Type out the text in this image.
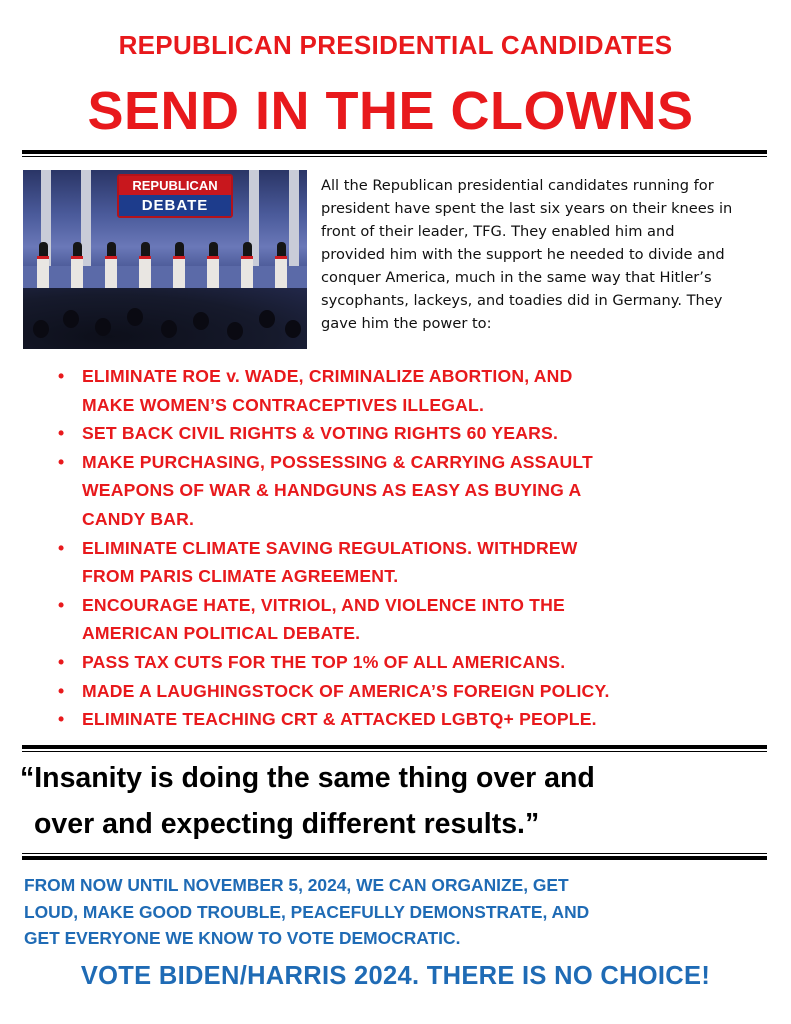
REPUBLICAN PRESIDENTIAL CANDIDATES
SEND IN THE CLOWNS
REPUBLICAN
DEBATE
All the Republican presidential candidates running for
president have spent the last six years on their knees in
front of their leader, TFG. They enabled him and
provided him with the support he needed to divide and
conquer America, much in the same way that Hitler’s
sycophants, lackeys, and toadies did in Germany. They
gave him the power to:
• ELIMINATE ROE v. WADE, CRIMINALIZE ABORTION, AND
MAKE WOMEN’S CONTRACEPTIVES ILLEGAL.
• SET BACK CIVIL RIGHTS & VOTING RIGHTS 60 YEARS.
• MAKE PURCHASING, POSSESSING & CARRYING ASSAULT
WEAPONS OF WAR & HANDGUNS AS EASY AS BUYING A
CANDY BAR.
• ELIMINATE CLIMATE SAVING REGULATIONS. WITHDREW
FROM PARIS CLIMATE AGREEMENT.
• ENCOURAGE HATE, VITRIOL, AND VIOLENCE INTO THE
AMERICAN POLITICAL DEBATE.
• PASS TAX CUTS FOR THE TOP 1% OF ALL AMERICANS.
• MADE A LAUGHINGSTOCK OF AMERICA’S FOREIGN POLICY.
• ELIMINATE TEACHING CRT & ATTACKED LGBTQ+ PEOPLE.
“Insanity is doing the same thing over and
over and expecting different results.”
FROM NOW UNTIL NOVEMBER 5, 2024, WE CAN ORGANIZE, GET
LOUD, MAKE GOOD TROUBLE, PEACEFULLY DEMONSTRATE, AND
GET EVERYONE WE KNOW TO VOTE DEMOCRATIC.
VOTE BIDEN/HARRIS 2024. THERE IS NO CHOICE!
